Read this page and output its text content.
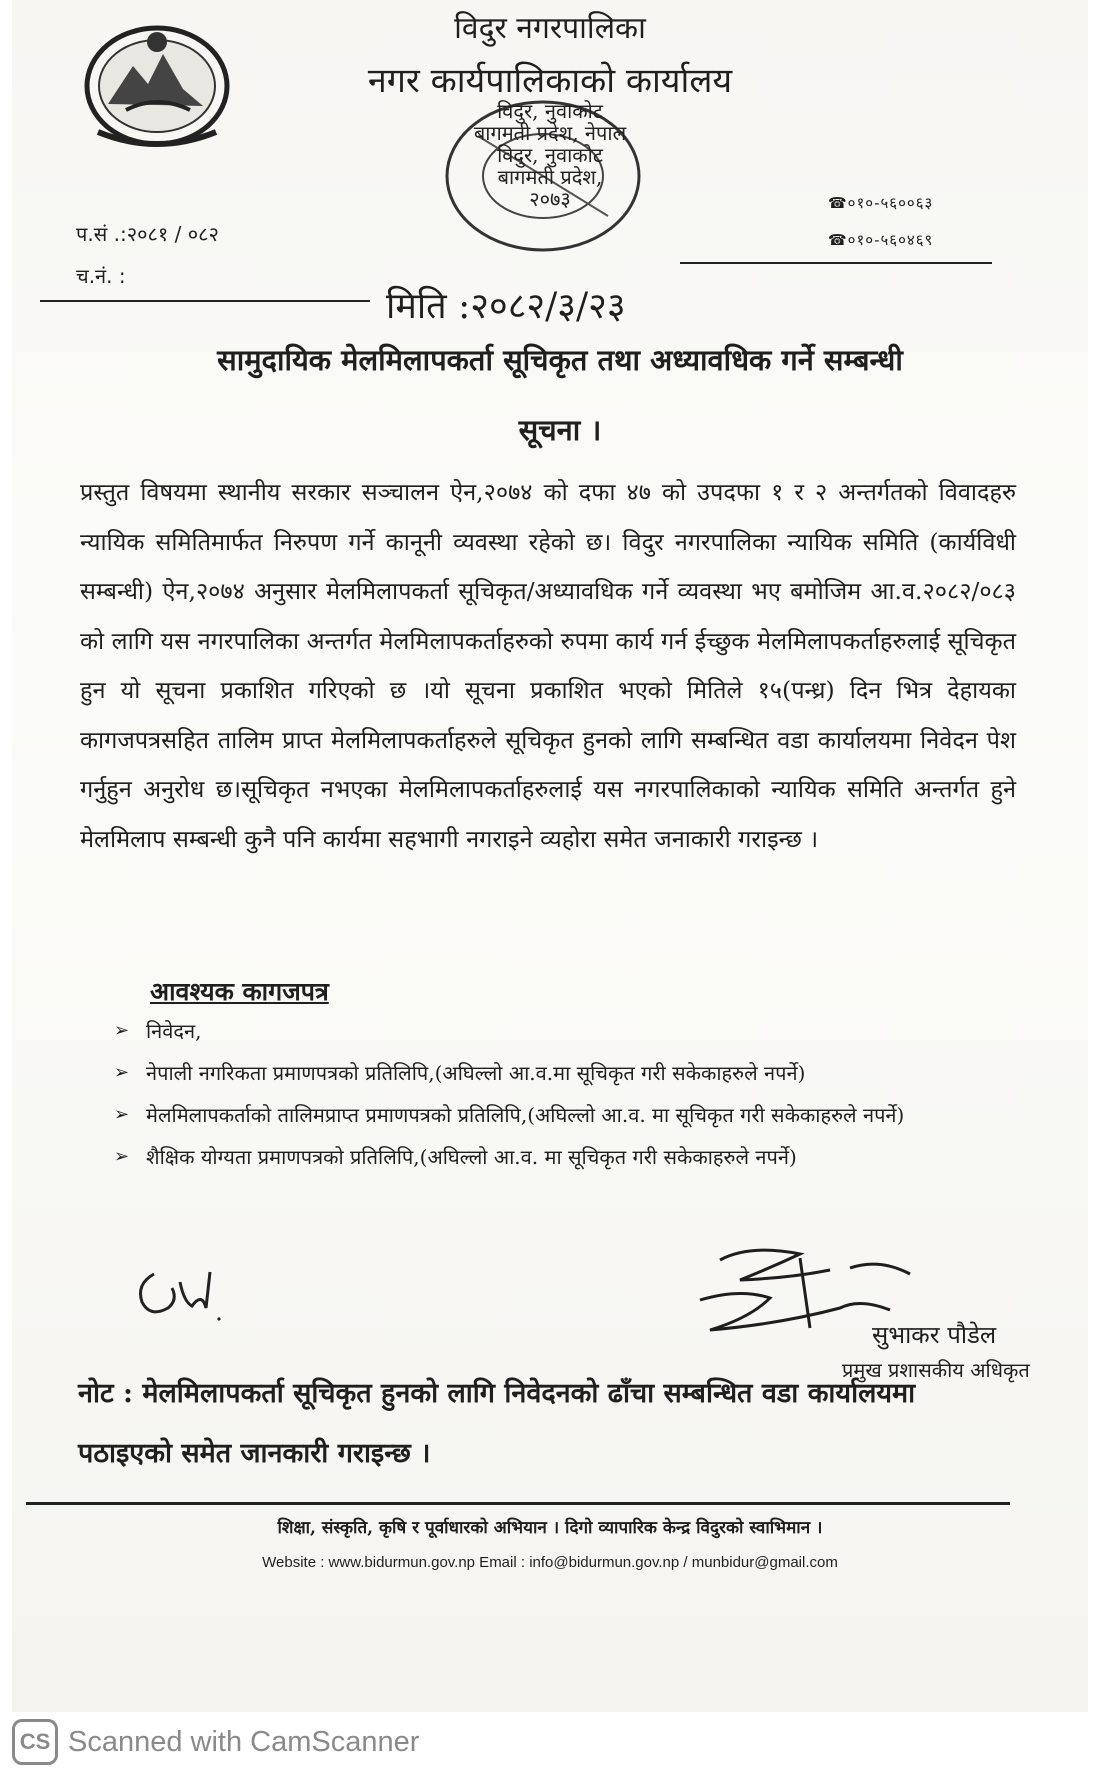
विदुर नगरपालिका
नगर कार्यपालिकाको कार्यालय
विदुर, नुवाकोट
बागमती प्रदेश, नेपाल
विदुर, नुवाकोट
बागमती प्रदेश,
२०७३	☎०१०-५६००६३
☎०१०-५६०४६९
प.सं .:२०८१ / ०८२
च.नं. :
मिति :२०८२/३/२३
सामुदायिक मेलमिलापकर्ता सूचिकृत तथा अध्यावधिक गर्ने सम्बन्धी
सूचना ।
प्रस्तुत विषयमा स्थानीय सरकार सञ्चालन ऐन,२०७४ को दफा ४७ को उपदफा १ र २ अन्तर्गतको विवादहरु न्यायिक समितिमार्फत निरुपण गर्ने कानूनी व्यवस्था रहेको छ। विदुर नगरपालिका न्यायिक समिति (कार्यविधी सम्बन्धी) ऐन,२०७४ अनुसार मेलमिलापकर्ता सूचिकृत/अध्यावधिक गर्ने व्यवस्था भए बमोजिम आ.व.२०८२/०८३ को लागि यस नगरपालिका अन्तर्गत मेलमिलापकर्ताहरुको रुपमा कार्य गर्न ईच्छुक मेलमिलापकर्ताहरुलाई सूचिकृत हुन यो सूचना प्रकाशित गरिएको छ ।यो सूचना प्रकाशित भएको मितिले १५(पन्ध्र) दिन भित्र देहायका कागजपत्रसहित तालिम प्राप्त मेलमिलापकर्ताहरुले सूचिकृत हुनको लागि सम्बन्धित वडा कार्यालयमा निवेदन पेश गर्नुहुन अनुरोध छ।सूचिकृत नभएका मेलमिलापकर्ताहरुलाई यस नगरपालिकाको न्यायिक समिति अन्तर्गत हुने मेलमिलाप सम्बन्धी कुनै पनि कार्यमा सहभागी नगराइने व्यहोरा समेत जनाकारी गराइन्छ ।
आवश्यक कागजपत्र
➢ निवेदन,
➢ नेपाली नगरिकता प्रमाणपत्रको प्रतिलिपि,(अघिल्लो आ.व.मा सूचिकृत गरी सकेकाहरुले नपर्ने)
➢ मेलमिलापकर्ताको तालिमप्राप्त प्रमाणपत्रको प्रतिलिपि,(अघिल्लो आ.व. मा सूचिकृत गरी सकेकाहरुले नपर्ने)
➢ शैक्षिक योग्यता प्रमाणपत्रको प्रतिलिपि,(अघिल्लो आ.व. मा सूचिकृत गरी सकेकाहरुले नपर्ने)
सुभाकर पौडेल
प्रमुख प्रशासकीय अधिकृत
नोट : मेलमिलापकर्ता सूचिकृत हुनको लागि निवेदनको ढाँचा सम्बन्धित वडा कार्यालयमा
पठाइएको समेत जानकारी गराइन्छ ।
शिक्षा, संस्कृति, कृषि र पूर्वाधारको अभियान । दिगो व्यापारिक केन्द्र विदुरको स्वाभिमान ।
Website : www.bidurmun.gov.np Email : info@bidurmun.gov.np / munbidur@gmail.com
CS Scanned with CamScanner
